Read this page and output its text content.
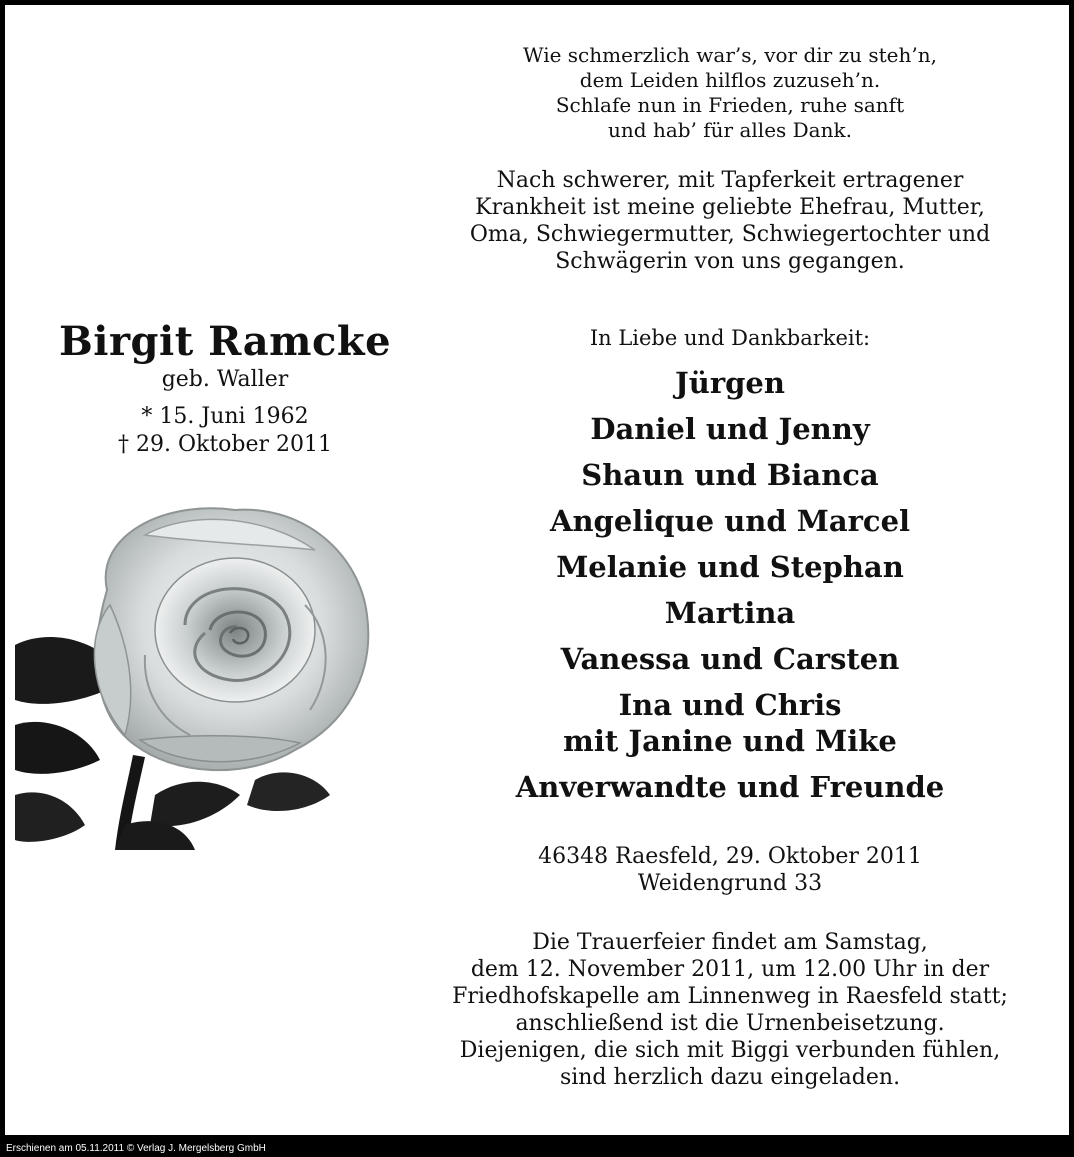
Birgit Ramcke

geb. Waller

* 15. Juni 1962
† 29. Oktober 2011
Wie schmerzlich war’s, vor dir zu steh’n,
dem Leiden hilflos zuzuseh’n.
Schlafe nun in Frieden, ruhe sanft
und hab’ für alles Dank.
Nach schwerer, mit Tapferkeit ertragener
Krankheit ist meine geliebte Ehefrau, Mutter,
Oma, Schwiegermutter, Schwiegertochter und
Schwägerin von uns gegangen.
In Liebe und Dankbarkeit:
Jürgen
Daniel und Jenny
Shaun und Bianca
Angelique und Marcel
Melanie und Stephan
Martina
Vanessa und Carsten
Ina und Chris
mit Janine und Mike
Anverwandte und Freunde
46348 Raesfeld, 29. Oktober 2011
Weidengrund 33
Die Trauerfeier findet am Samstag,
dem 12. November 2011, um 12.00 Uhr in der
Friedhofskapelle am Linnenweg in Raesfeld statt;
anschließend ist die Urnenbeisetzung.
Diejenigen, die sich mit Biggi verbunden fühlen,
sind herzlich dazu eingeladen.
Erschienen am 05.11.2011 © Verlag J. Mergelsberg GmbH
